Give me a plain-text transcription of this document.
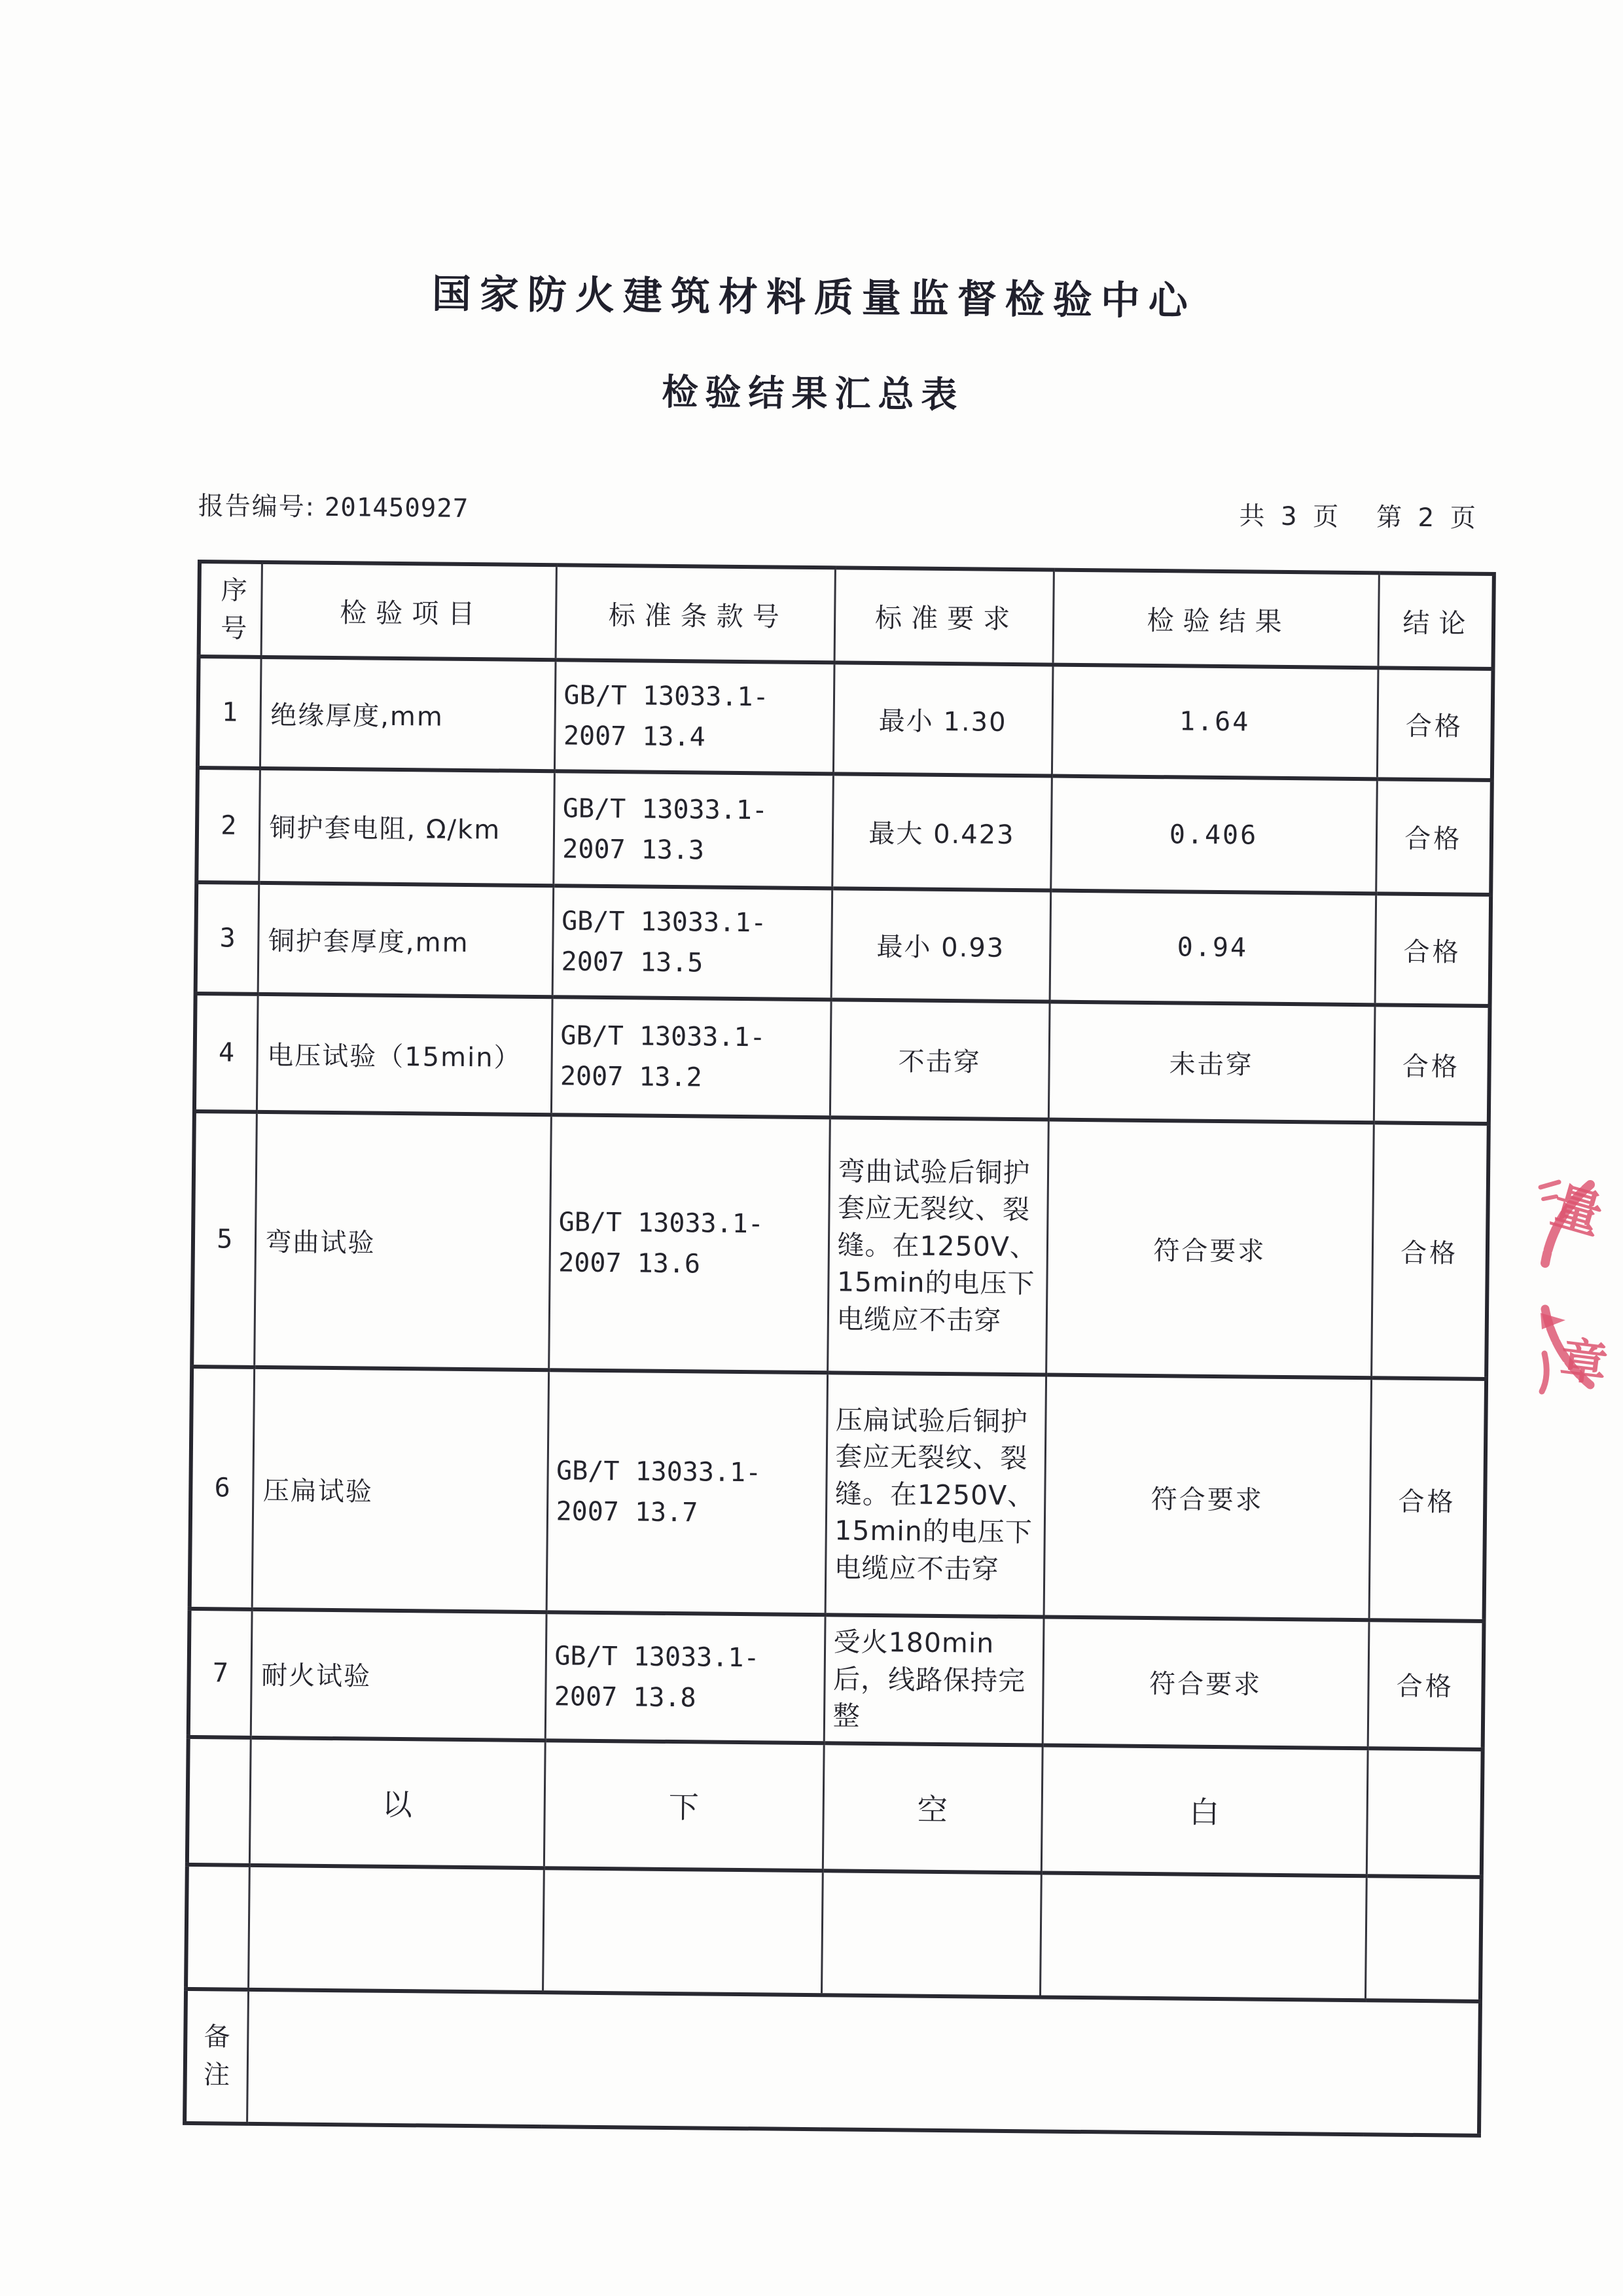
国家防火建筑材料质量监督检验中心
检验结果汇总表
报告编号: 201450927	共 3 页 第 2 页
序号	检验项目	标准条款号	标准要求	检验结果	结论
1	绝缘厚度,mm	GB/T 13033.1-
2007 13.4	最小 1.30	1.64	合格
2	铜护套电阻, Ω/km	GB/T 13033.1-
2007 13.3	最大 0.423	0.406	合格
3	铜护套厚度,mm	GB/T 13033.1-
2007 13.5	最小 0.93	0.94	合格
4	电压试验（15min）	GB/T 13033.1-
2007 13.2	不击穿	未击穿	合格
5	弯曲试验	GB/T 13033.1-
2007 13.6	弯曲试验后铜护套应无裂纹、裂缝。在1250V、15min的电压下电缆应不击穿	符合要求	合格
6	压扁试验	GB/T 13033.1-
2007 13.7	压扁试验后铜护套应无裂纹、裂缝。在1250V、15min的电压下电缆应不击穿	符合要求	合格
7	耐火试验	GB/T 13033.1-
2007 13.8	受火180min后，线路保持完整	符合要求	合格
	以	下	空	白	

备注					
量
章
